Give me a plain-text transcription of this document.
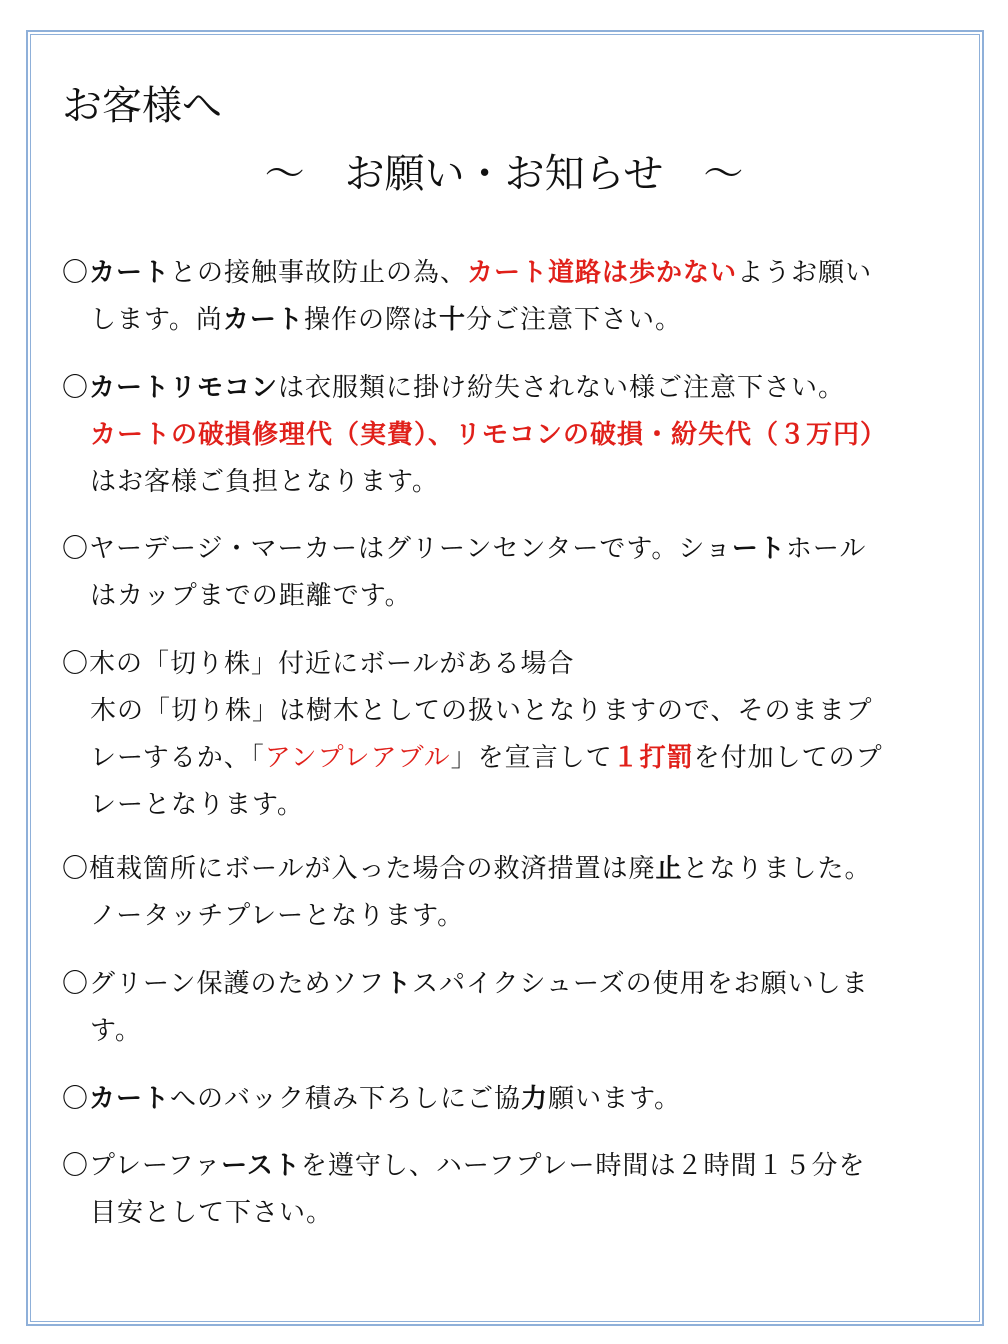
お客様へ
～　お願い・お知らせ　～
〇カートとの接触事故防止の為、カート道路は歩かないようお願い
します。尚カート操作の際は十分ご注意下さい。
〇カートリモコンは衣服類に掛け紛失されない様ご注意下さい。
カートの破損修理代（実費）、リモコンの破損・紛失代（３万円）
はお客様ご負担となります。
〇ヤーデージ・マーカーはグリーンセンターです。ショートホール
はカップまでの距離です。
〇木の「切り株」付近にボールがある場合
木の「切り株」は樹木としての扱いとなりますので、そのままプ
レーするか、「アンプレアブル」を宣言して１打罰を付加してのプ
レーとなります。
〇植栽箇所にボールが入った場合の救済措置は廃止となりました。
ノータッチプレーとなります。
〇グリーン保護のためソフトスパイクシューズの使用をお願いしま
す。
〇カートへのバック積み下ろしにご協力願います。
〇プレーファーストを遵守し、ハーフプレー時間は２時間１５分を
目安として下さい。
